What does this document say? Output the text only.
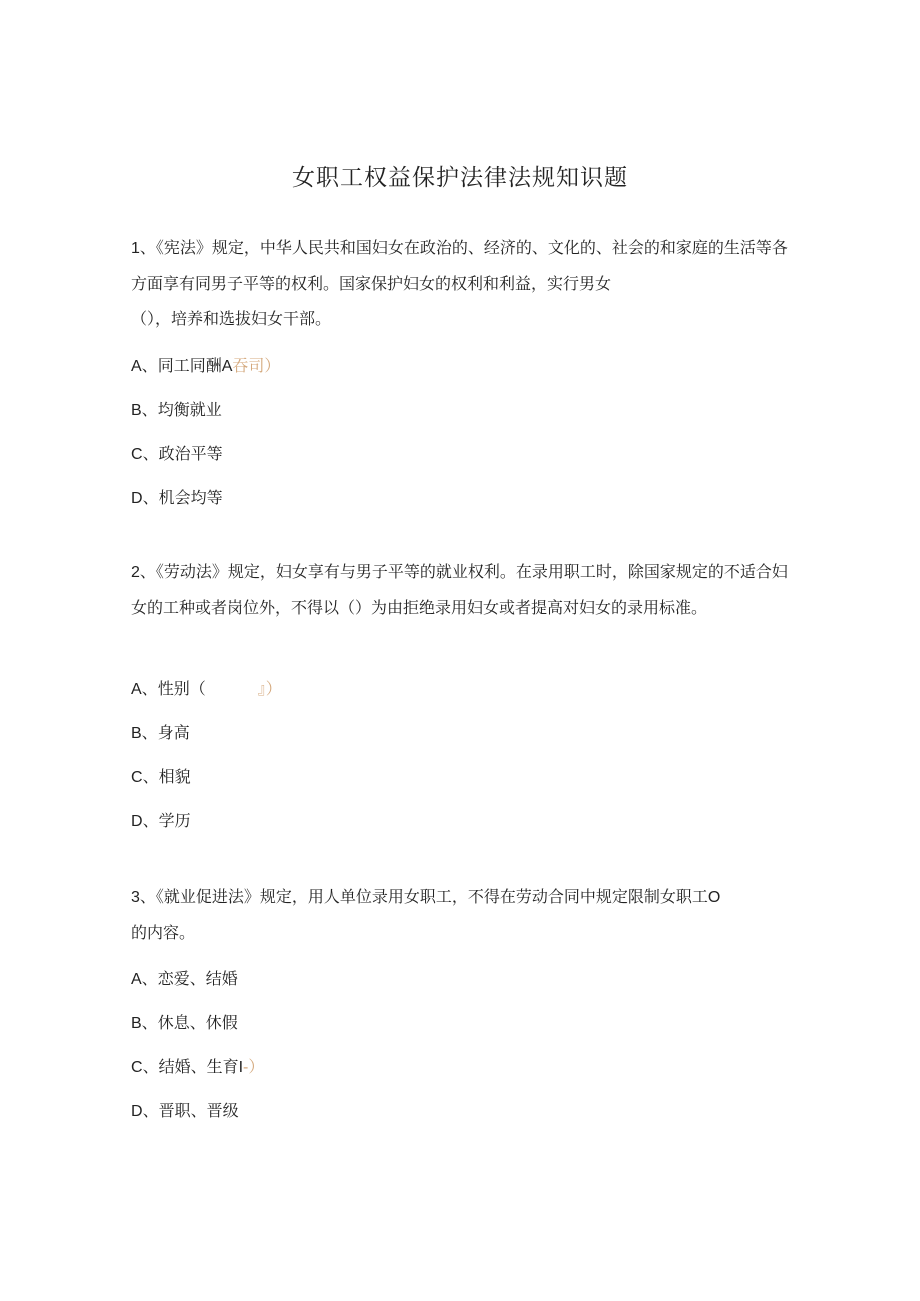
女职工权益保护法律法规知识题

1、《宪法》规定，中华人民共和国妇女在政治的、经济的、文化的、社会的和家庭的生活等各方面享有同男子平等的权利。国家保护妇女的权利和利益，实行男女
（），培养和选拔妇女干部。

A、同工同酬A吞司）

B、均衡就业

C、政治平等

D、机会均等

2、《劳动法》规定，妇女享有与男子平等的就业权利。在录用职工时，除国家规定的不适合妇女的工种或者岗位外，不得以（）为由拒绝录用妇女或者提高对妇女的录用标准。

A、性别（	』）

B、身高

C、相貌

D、学历

3、《就业促进法》规定，用人单位录用女职工，不得在劳动合同中规定限制女职工O
的内容。

A、恋爱、结婚

B、休息、休假

C、结婚、生育I-）

D、晋职、晋级
